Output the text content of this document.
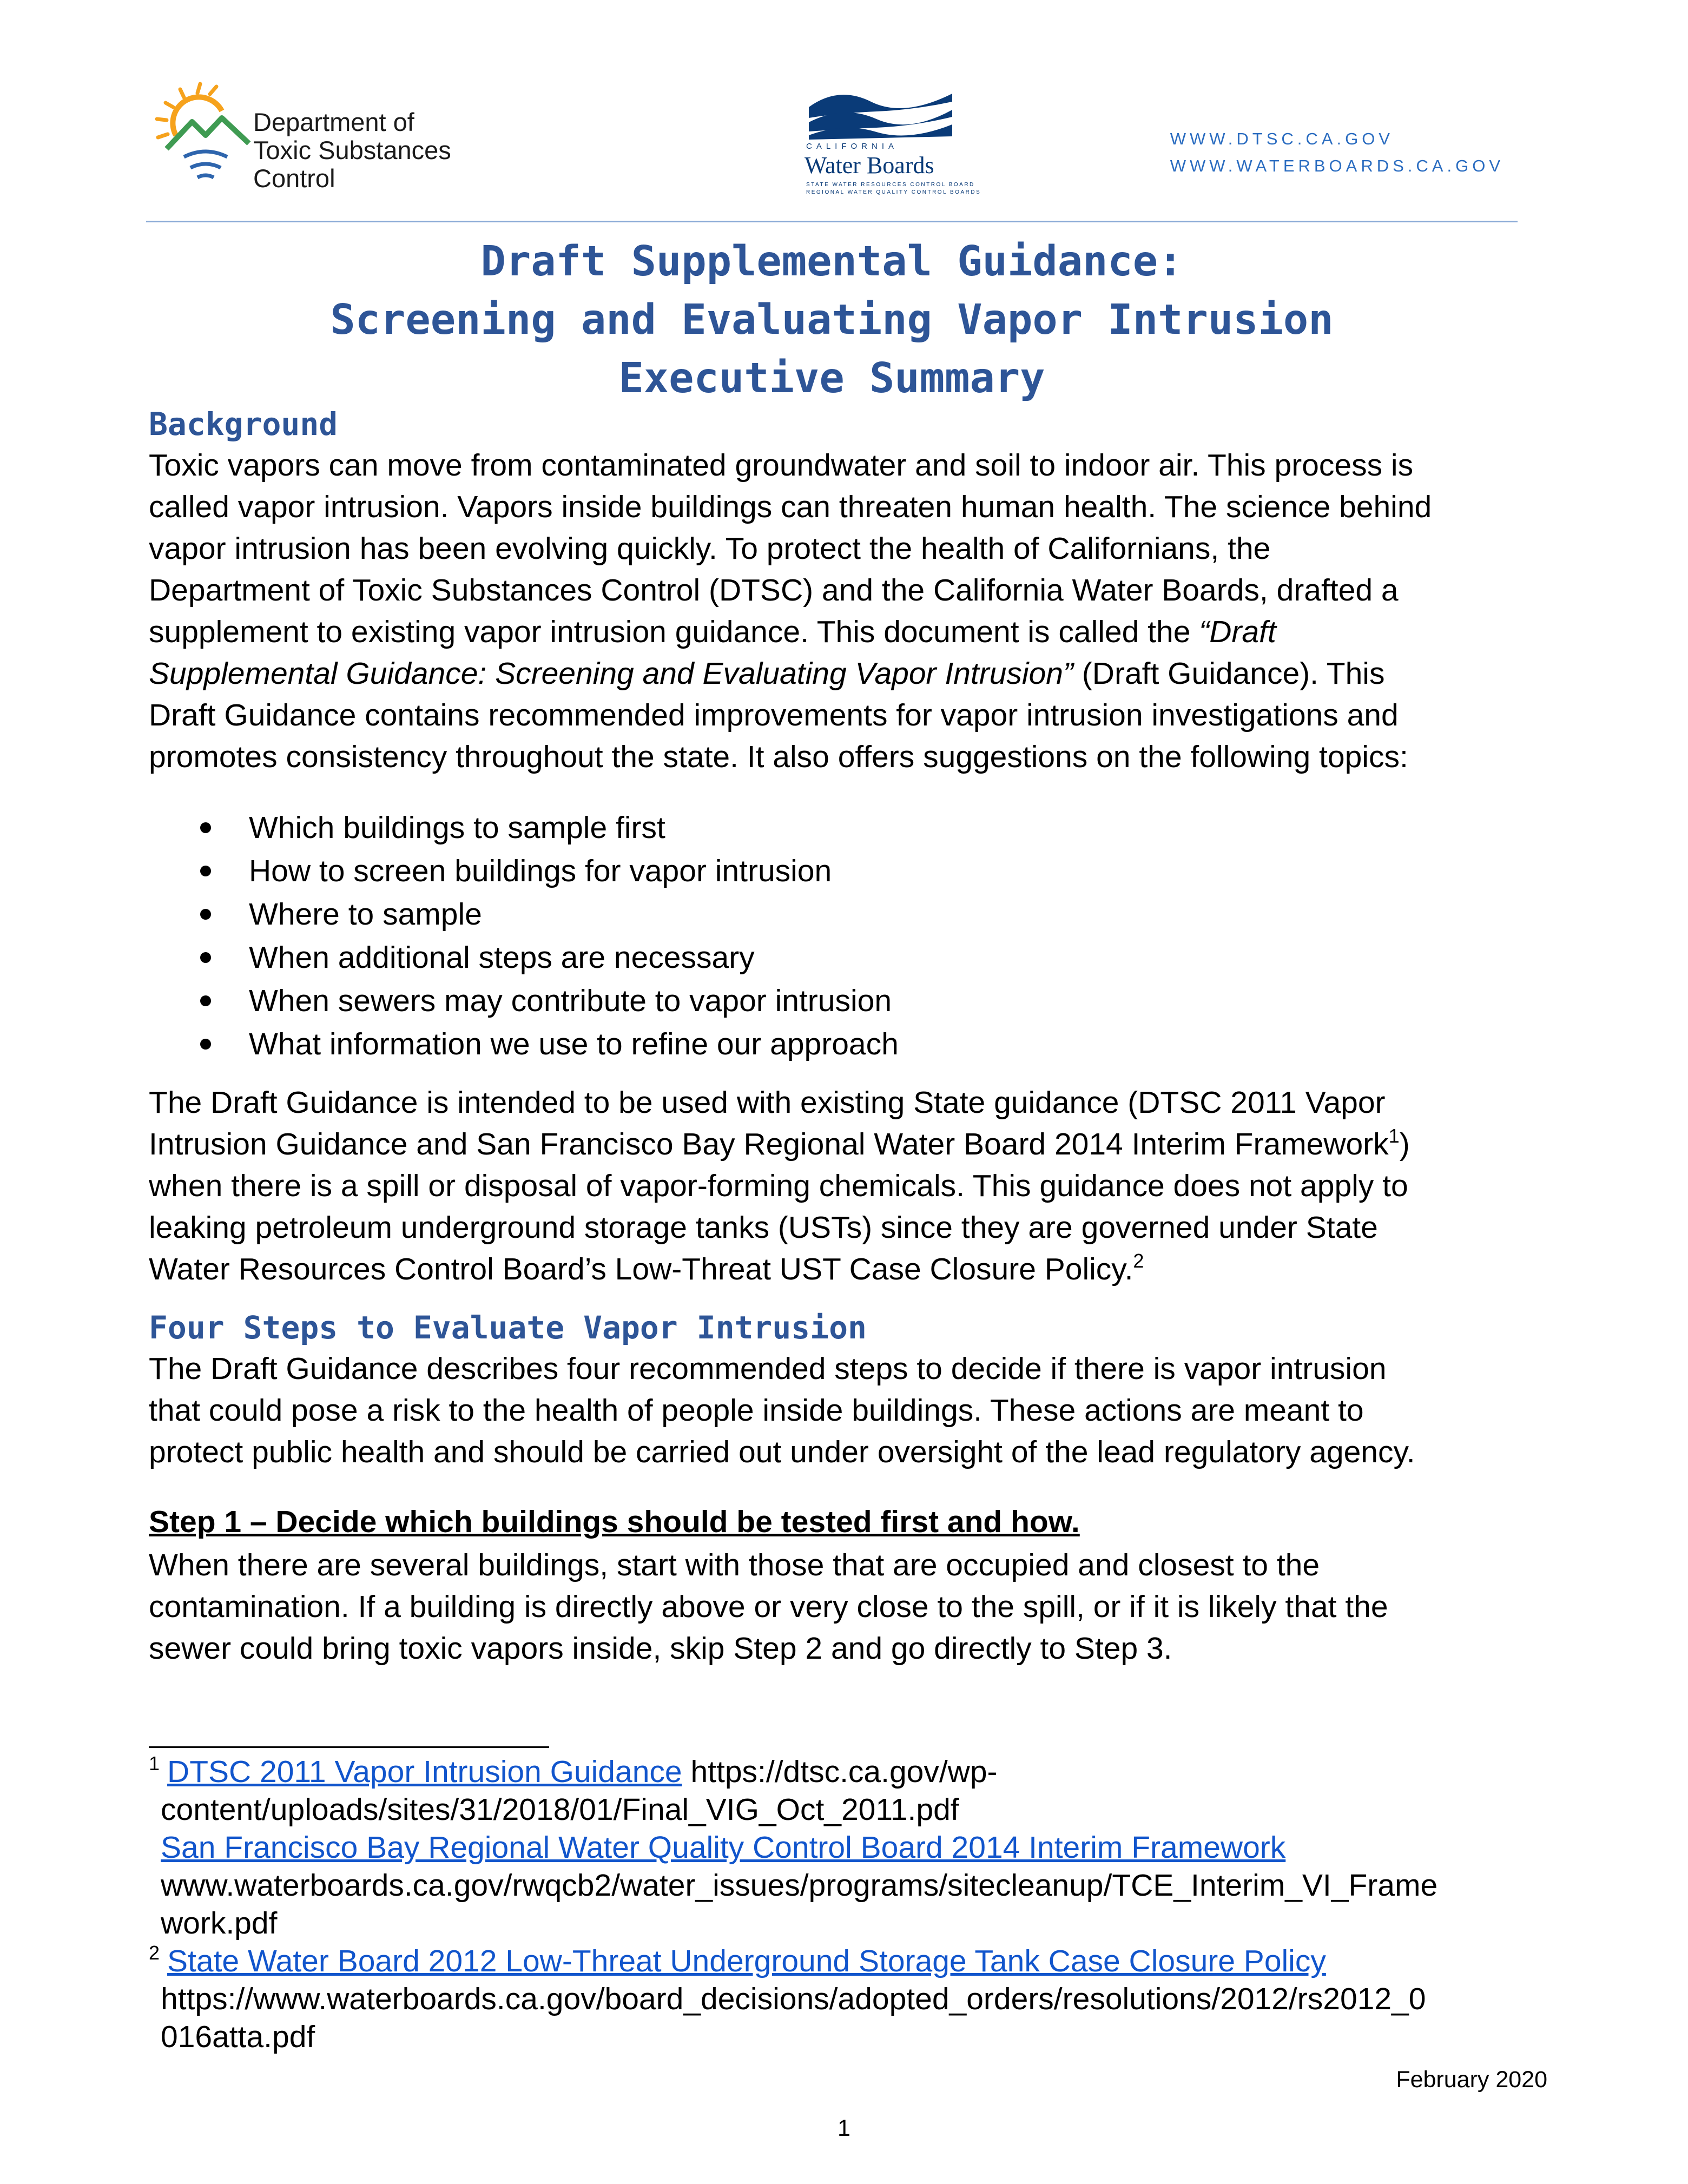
Department of
Toxic Substances
Control
CALIFORNIA
Water Boards
STATE WATER RESOURCES CONTROL BOARD
REGIONAL WATER QUALITY CONTROL BOARDS
WWW.DTSC.CA.GOV
WWW.WATERBOARDS.CA.GOV
Draft Supplemental Guidance:
Screening and Evaluating Vapor Intrusion
Executive Summary
Background
Toxic vapors can move from contaminated groundwater and soil to indoor air. This process is
called vapor intrusion. Vapors inside buildings can threaten human health. The science behind
vapor intrusion has been evolving quickly. To protect the health of Californians, the
Department of Toxic Substances Control (DTSC) and the California Water Boards, drafted a
supplement to existing vapor intrusion guidance. This document is called the “Draft
Supplemental Guidance: Screening and Evaluating Vapor Intrusion” (Draft Guidance). This
Draft Guidance contains recommended improvements for vapor intrusion investigations and
promotes consistency throughout the state. It also offers suggestions on the following topics:
Which buildings to sample first
How to screen buildings for vapor intrusion
Where to sample
When additional steps are necessary
When sewers may contribute to vapor intrusion
What information we use to refine our approach
The Draft Guidance is intended to be used with existing State guidance (DTSC 2011 Vapor
Intrusion Guidance and San Francisco Bay Regional Water Board 2014 Interim Framework$^1$)
when there is a spill or disposal of vapor-forming chemicals. This guidance does not apply to
leaking petroleum underground storage tanks (USTs) since they are governed under State
Water Resources Control Board’s Low-Threat UST Case Closure Policy.$^2$
Four Steps to Evaluate Vapor Intrusion
The Draft Guidance describes four recommended steps to decide if there is vapor intrusion
that could pose a risk to the health of people inside buildings. These actions are meant to
protect public health and should be carried out under oversight of the lead regulatory agency.
Step 1 – Decide which buildings should be tested first and how.
When there are several buildings, start with those that are occupied and closest to the
contamination. If a building is directly above or very close to the spill, or if it is likely that the
sewer could bring toxic vapors inside, skip Step 2 and go directly to Step 3.
$^1$ DTSC 2011 Vapor Intrusion Guidance https://dtsc.ca.gov/wp-
content/uploads/sites/31/2018/01/Final_VIG_Oct_2011.pdf
San Francisco Bay Regional Water Quality Control Board 2014 Interim Framework
www.waterboards.ca.gov/rwqcb2/water_issues/programs/sitecleanup/TCE_Interim_VI_Frame
work.pdf
$^2$ State Water Board 2012 Low-Threat Underground Storage Tank Case Closure Policy
https://www.waterboards.ca.gov/board_decisions/adopted_orders/resolutions/2012/rs2012_0
016atta.pdf
February 2020
1
